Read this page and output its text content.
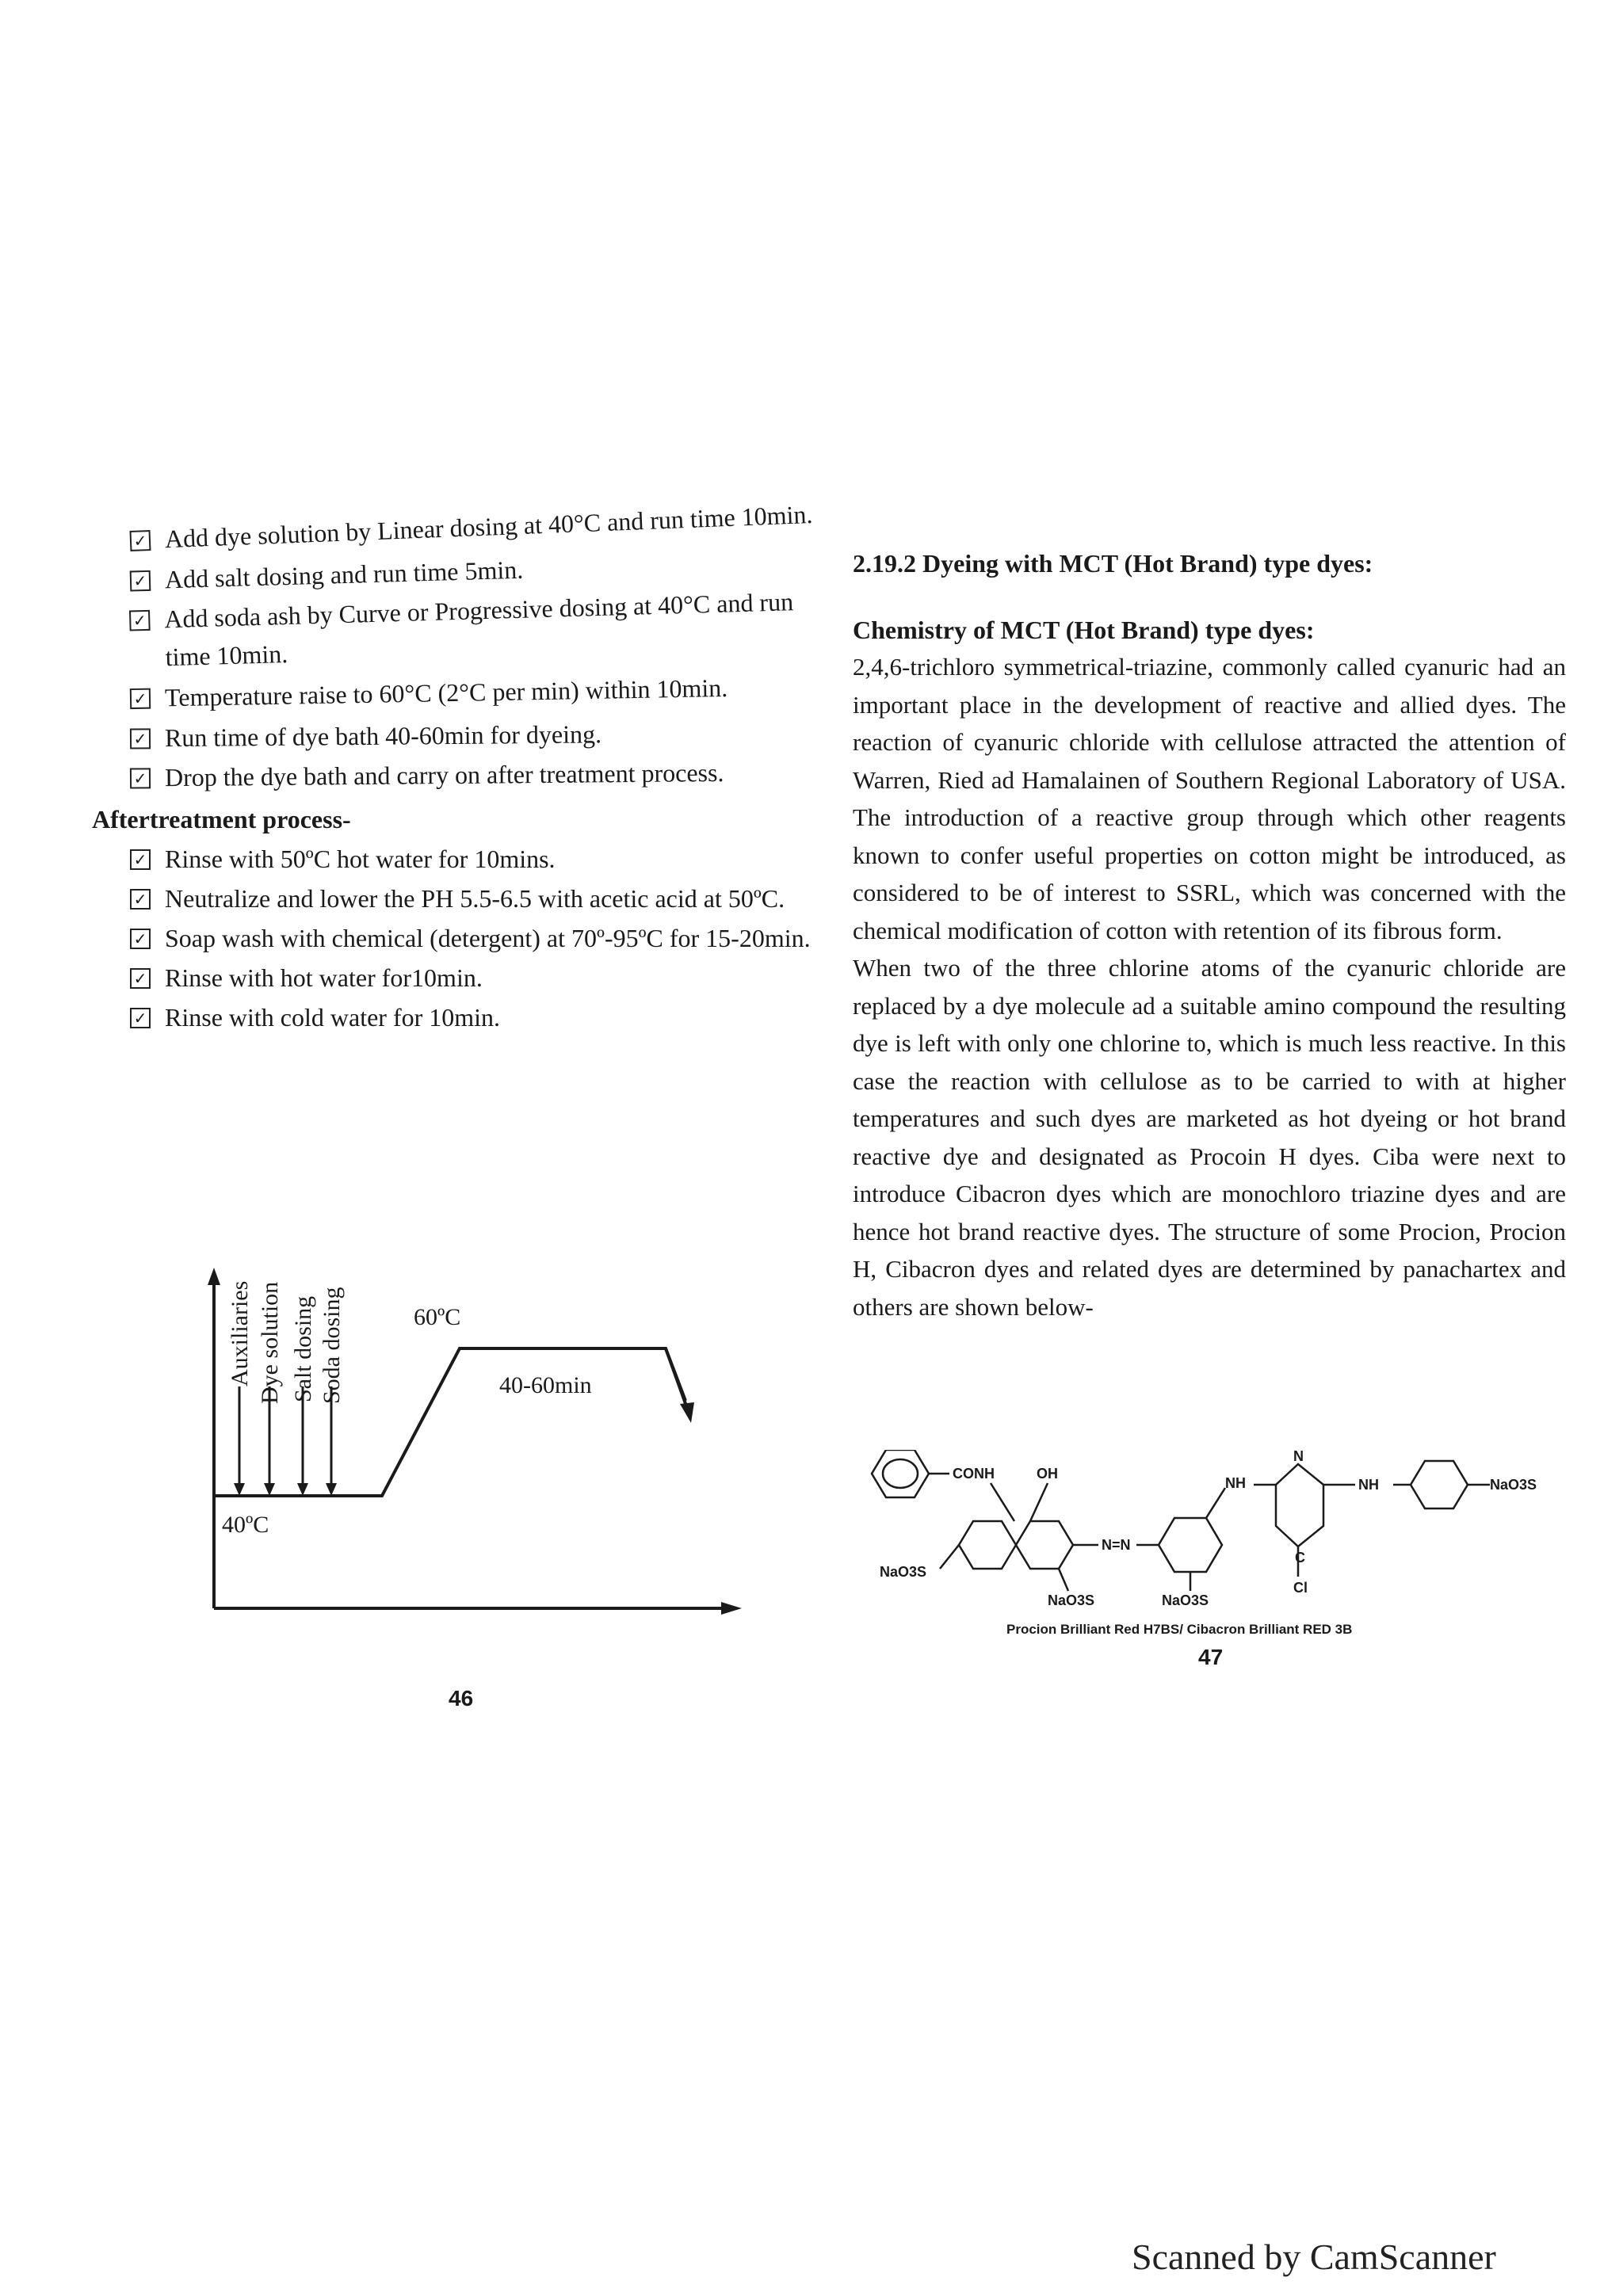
✓ Add dye solution by Linear dosing at 40°C and run time 10min.
✓ Add salt dosing and run time 5min.
✓ Add soda ash by Curve or Progressive dosing at 40°C and run time 10min.
✓ Temperature raise to 60°C (2°C per min) within 10min.
✓ Run time of dye bath 40-60min for dyeing.
✓ Drop the dye bath and carry on after treatment process.
Aftertreatment process-
✓ Rinse with 50ºC hot water for 10mins.
✓ Neutralize and lower the PH 5.5-6.5 with acetic acid at 50ºC.
✓ Soap wash with chemical (detergent) at 70º-95ºC for 15-20min.
✓ Rinse with hot water for10min.
✓ Rinse with cold water for 10min.
Auxiliaries Dye solution Salt dosing Soda dosing
40ºC
60ºC
40-60min
46
2.19.2 Dyeing with MCT (Hot Brand) type dyes:
Chemistry of MCT (Hot Brand) type dyes:

2,4,6-trichloro symmetrical-triazine, commonly called cyanuric had an important place in the development of reactive and allied dyes. The reaction of cyanuric chloride with cellulose attracted the attention of Warren, Ried ad Hamalainen of Southern Regional Laboratory of USA. The introduction of a reactive group through which other reagents known to confer useful properties on cotton might be introduced, as considered to be of interest to SSRL, which was concerned with the chemical modification of cotton with retention of its fibrous form.

When two of the three chlorine atoms of the cyanuric chloride are replaced by a dye molecule ad a suitable amino compound the resulting dye is left with only one chlorine to, which is much less reactive. In this case the reaction with cellulose as to be carried to with at higher temperatures and such dyes are marketed as hot dyeing or hot brand reactive dye and designated as Procoin H dyes. Ciba were next to introduce Cibacron dyes which are monochloro triazine dyes and are hence hot brand reactive dyes. The structure of some Procion, Procion H, Cibacron dyes and related dyes are determined by panachartex and others are shown below-

CONH	OH
N=N
NH	NH
NaO3S
NaO3S	NaO3S
NaO3S
Cl
N
C
Procion Brilliant Red H7BS/ Cibacron Brilliant RED 3B
47
Scanned by CamScanner
